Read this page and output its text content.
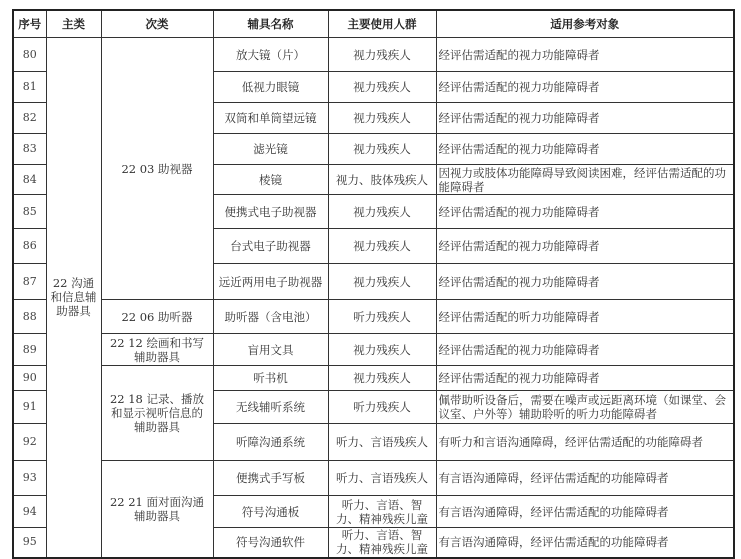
序号	主类	次类	辅具名称	主要使用人群	适用参考对象
80	22 沟通和信息辅助器具	22 03 助视器	放大镜（片）	视力残疾人	经评估需适配的视力功能障碍者
81			低视力眼镜	视力残疾人	经评估需适配的视力功能障碍者
82			双筒和单筒望远镜	视力残疾人	经评估需适配的视力功能障碍者
83			滤光镜	视力残疾人	经评估需适配的视力功能障碍者
84			棱镜	视力、肢体残疾人	因视力或肢体功能障碍导致阅读困难，经评估需适配的功能障碍者
85			便携式电子助视器	视力残疾人	经评估需适配的视力功能障碍者
86			台式电子助视器	视力残疾人	经评估需适配的视力功能障碍者
87			远近两用电子助视器	视力残疾人	经评估需适配的视力功能障碍者
88		22 06 助听器	助听器（含电池）	听力残疾人	经评估需适配的听力功能障碍者
89		22 12 绘画和书写辅助器具	盲用文具	视力残疾人	经评估需适配的视力功能障碍者
90		22 18 记录、播放和显示视听信息的辅助器具	听书机	视力残疾人	经评估需适配的视力功能障碍者
91			无线辅听系统	听力残疾人	佩带助听设备后，需要在噪声或远距离环境（如课堂、会议室、户外等）辅助聆听的听力功能障碍者
92			听障沟通系统	听力、言语残疾人	有听力和言语沟通障碍，经评估需适配的功能障碍者
93		22 21 面对面沟通辅助器具	便携式手写板	听力、言语残疾人	有言语沟通障碍，经评估需适配的功能障碍者
94			符号沟通板	听力、言语、智力、精神残疾儿童	有言语沟通障碍，经评估需适配的功能障碍者
95			符号沟通软件	听力、言语、智力、精神残疾儿童	有言语沟通障碍，经评估需适配的功能障碍者
